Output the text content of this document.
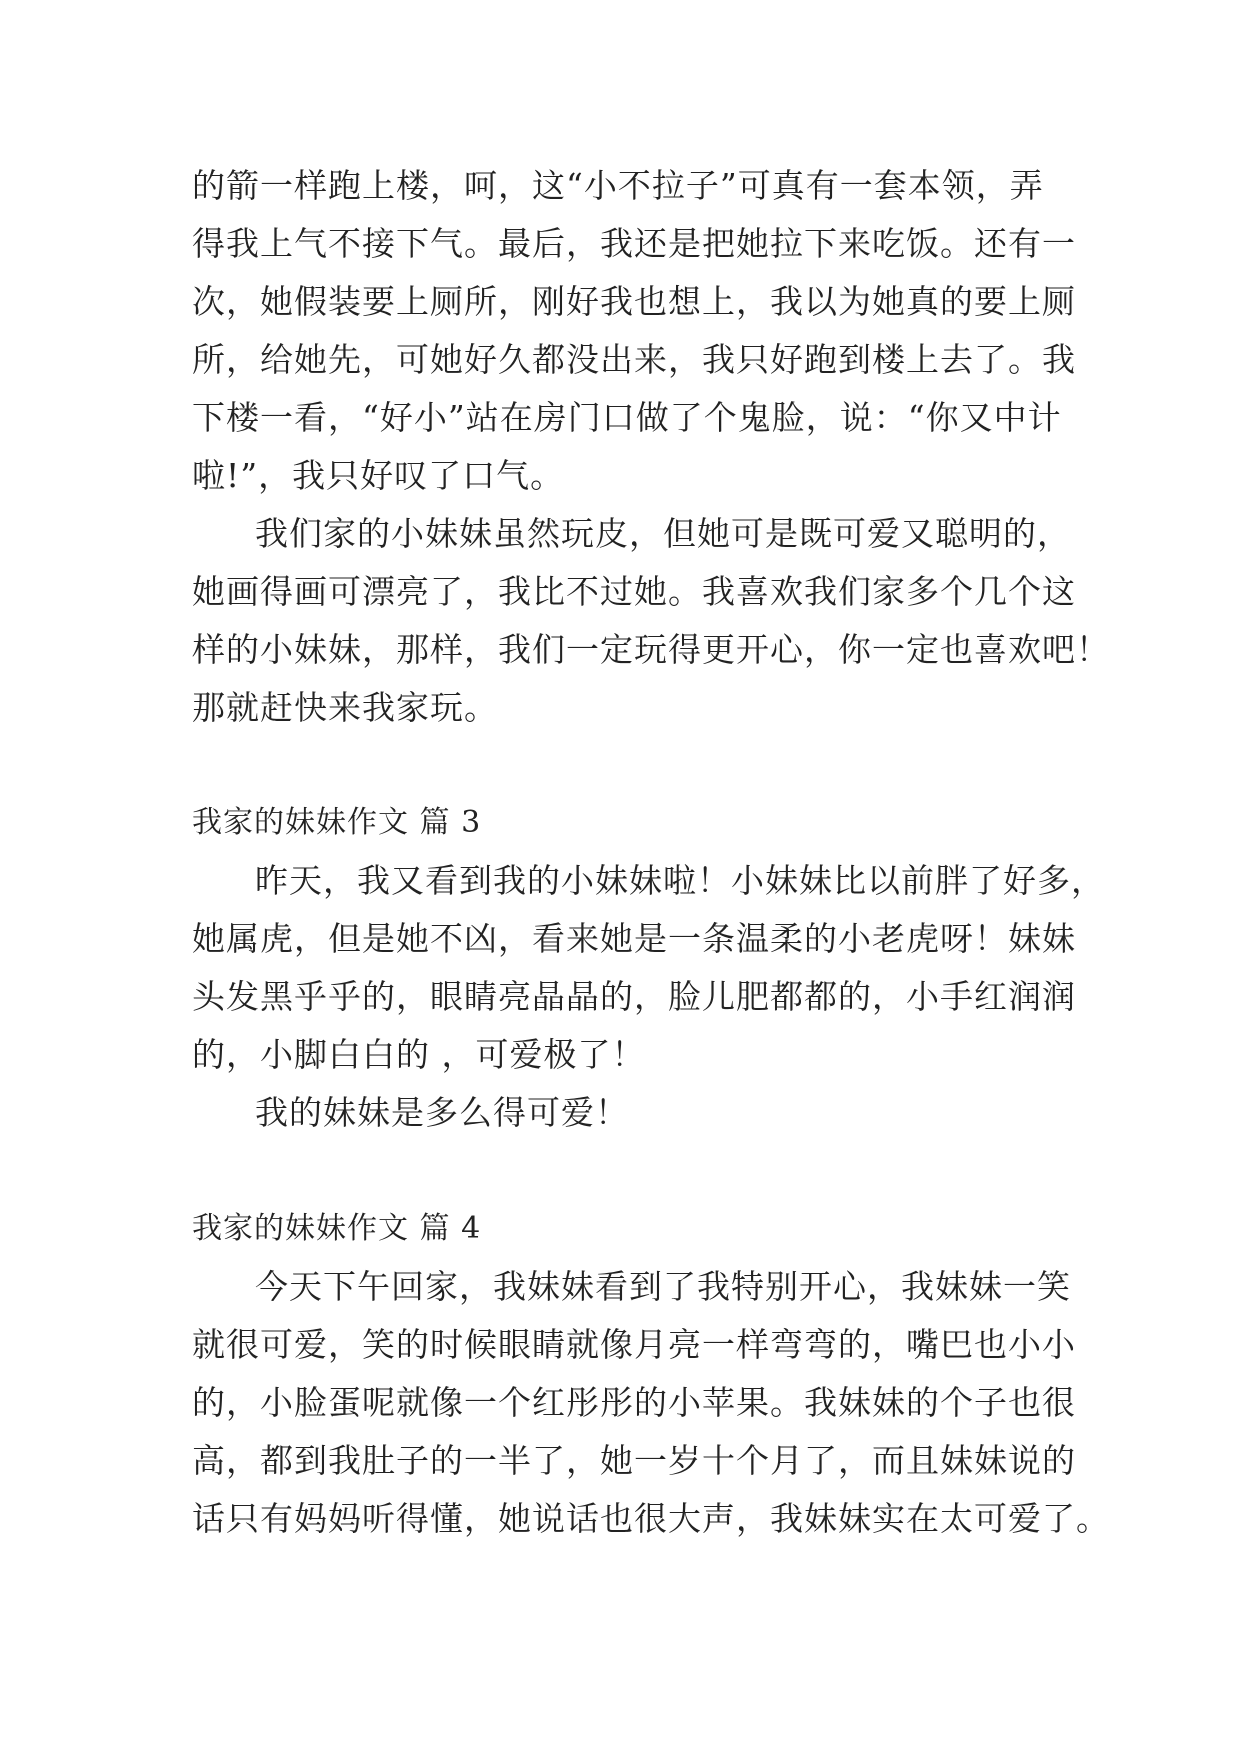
的箭一样跑上楼，呵，这“小不拉子”可真有一套本领，弄
得我上气不接下气。最后，我还是把她拉下来吃饭。还有一
次，她假装要上厕所，刚好我也想上，我以为她真的要上厕
所，给她先，可她好久都没出来，我只好跑到楼上去了。我
下楼一看，“好小”站在房门口做了个鬼脸，说：“你又中计
啦!”，我只好叹了口气。
我们家的小妹妹虽然玩皮，但她可是既可爱又聪明的，
她画得画可漂亮了，我比不过她。我喜欢我们家多个几个这
样的小妹妹，那样，我们一定玩得更开心，你一定也喜欢吧！
那就赶快来我家玩。
我家的妹妹作文 篇 3
昨天，我又看到我的小妹妹啦！小妹妹比以前胖了好多，
她属虎，但是她不凶，看来她是一条温柔的小老虎呀！妹妹
头发黑乎乎的，眼睛亮晶晶的，脸儿肥都都的，小手红润润
的，小脚白白的 ，可爱极了！
我的妹妹是多么得可爱！
我家的妹妹作文 篇 4
今天下午回家，我妹妹看到了我特别开心，我妹妹一笑
就很可爱，笑的时候眼睛就像月亮一样弯弯的，嘴巴也小小
的，小脸蛋呢就像一个红彤彤的小苹果。我妹妹的个子也很
高，都到我肚子的一半了，她一岁十个月了，而且妹妹说的
话只有妈妈听得懂，她说话也很大声，我妹妹实在太可爱了。
